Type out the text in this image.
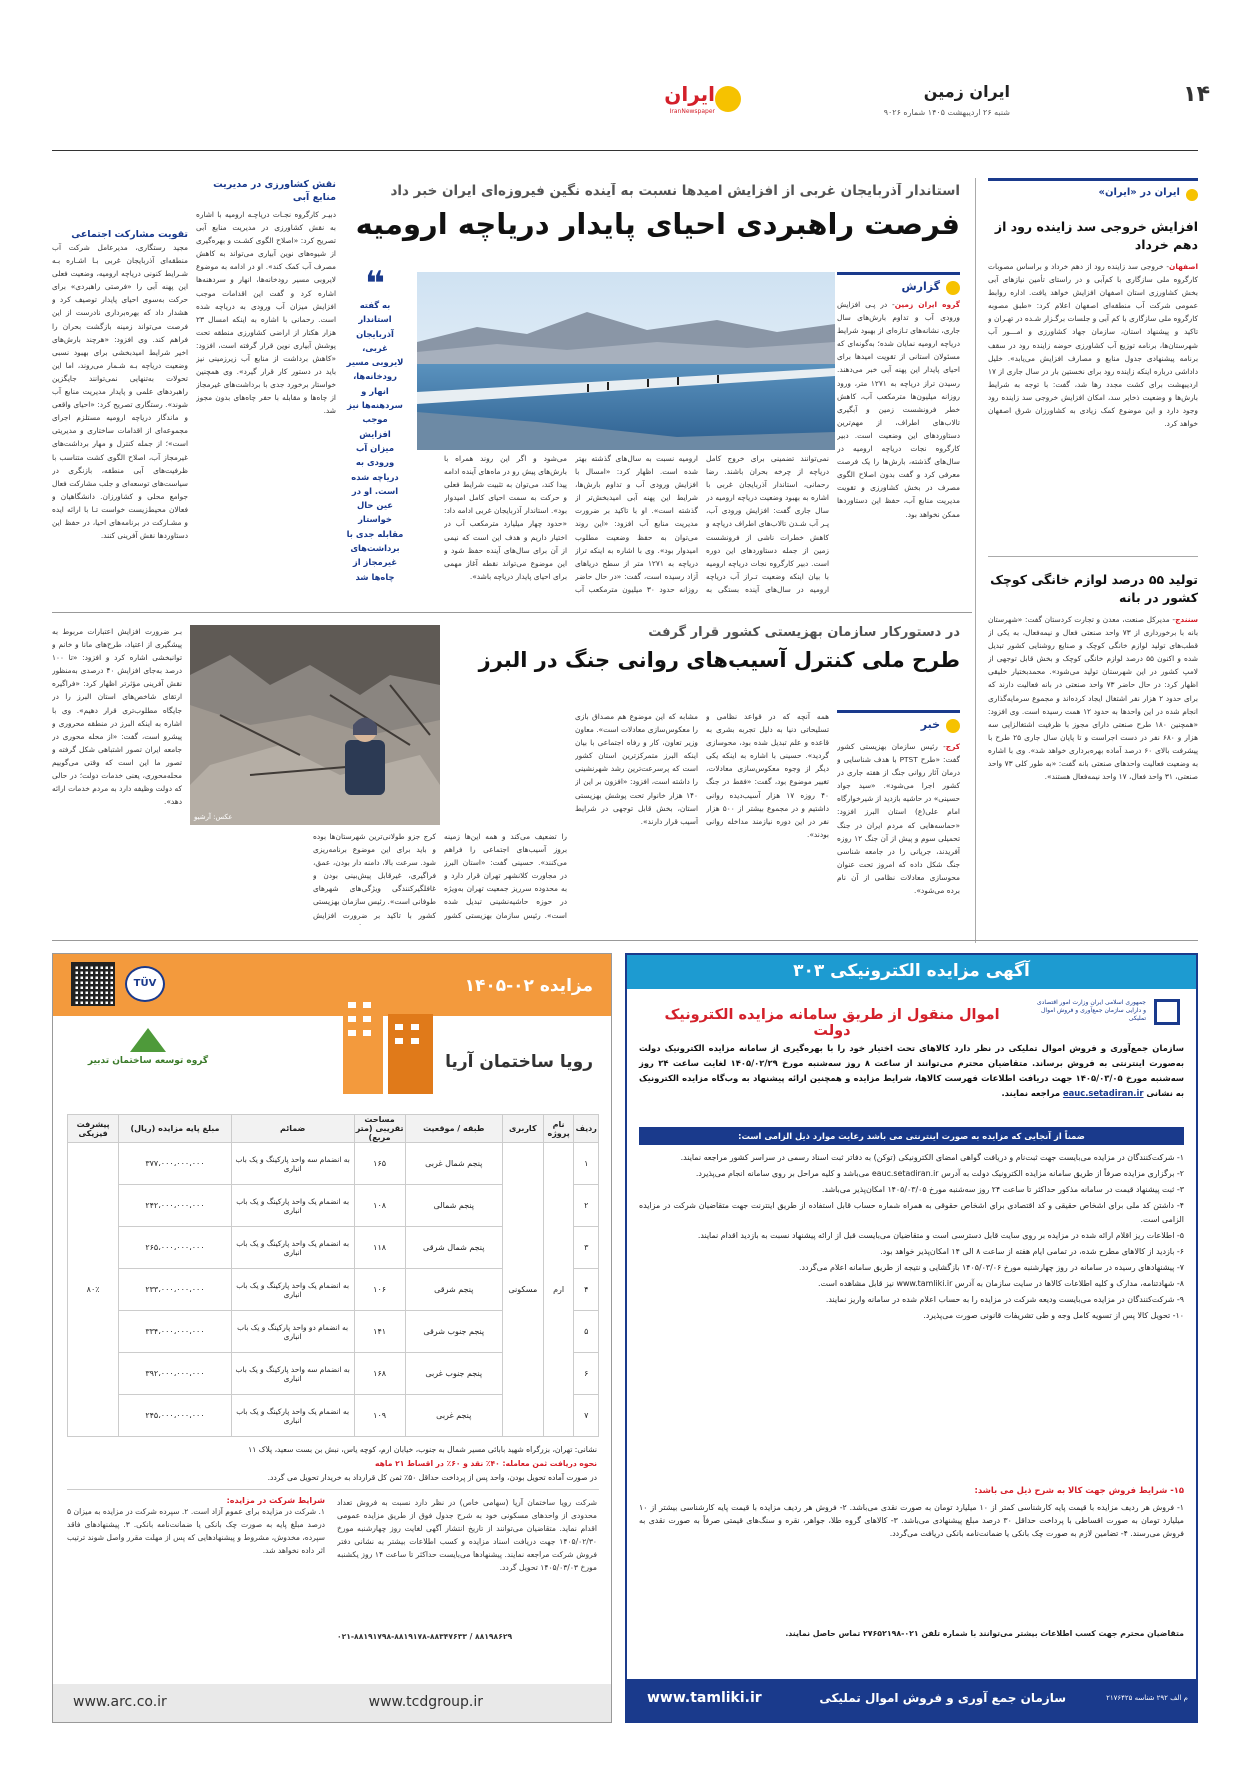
۱۴
ایران زمین
شنبه ۲۶ اردیبهشت ۱۴۰۵ شماره ۹۰۲۶
ایران
IranNewspaper
ایران در «ایران»
افزایش خروجی سد زاینده رود از دهم خرداد
اصفهان- خروجی سد زاینده رود از دهم خرداد و براساس مصوبات کارگروه ملی سازگاری با کم‌آبی و در راستای تأمین نیاز‌های آبی بخش کشاورزی استان اصفهان افزایش خواهد یافت. اداره روابط عمومی شرکت آب منطقه‌ای اصفهان اعلام کرد: «طبق مصوبه کارگروه ملی سازگاری با کم آبی و جلسات برگـزار شـده در تهـران و تاکید و پیشنهاد استان، سازمان جهاد کشاورزی و امـــور آب شهرستان‌ها، برنامه توزیع آب کشاورزی حوضه زاینده رود در سقف برنامه پیشنهادی جدول منابع و مصارف افزایش می‌یابد». خلیل داداشی درباره اینکه زاینده رود برای نخستین بار در سال جاری از ۱۷ اردیبهشت برای کشت مجدد رها شد، گفت: با توجه به شرایط بارش‌ها و وضعیت ذخایر سد، امکان افزایش خروجی سد زاینده رود وجود دارد و این موضوع کمک زیادی به کشاورزان شرق اصفهان خواهد کرد.
تولید ۵۵ درصد لوازم خانگی کوچک کشور در بانه
سنندج- مدیرکل صنعت، معدن و تجارت کردستان گفت: «شهرستان بانه با برخورداری از ۷۳ واحد صنعتی فعال و نیمه‌فعال، به یکی از قطب‌های تولید لوازم خانگی کوچک و صنایع روشنایی کشور تبدیل شده و اکنون ۵۵ درصد لوازم خانگی کوچک و بخش قابل توجهی از لامپ کشور در این شهرستان تولید می‌شود». محمدبختیار خلیقی اظهار کرد: در حال حاضر ۷۳ واحد صنعتی در بانه فعالیت دارند که برای حدود ۲ هزار نفر اشتغال ایجاد کرده‌اند و مجموع سرمایه‌گذاری انجام شده در این واحدها به حدود ۱۲ همت رسیده است. وی افزود: «همچنین ۱۸۰ طرح صنعتی دارای مجوز با ظرفیت اشتغالزایی سه هزار و ۶۸۰ نفر در دست اجراست و تا پایان سال جاری ۲۵ طرح با پیشرفت بالای ۶۰ درصد آماده بهره‌برداری خواهد شد». وی با اشاره به وضعیت فعالیت واحدهای صنعتی بانه گفت: «به طور کلی ۷۳ واحد صنعتی، ۳۱ واحد فعال، ۱۷ واحد نیمه‌فعال هستند».
استاندار آذربایجان غربی از افزایش امیدها نسبت به آینده نگین فیروزه‌ای ایران خبر داد
فرصت راهبردی احیای پایدار دریاچه ارومیه
گزارش
گروه ایران زمین- در پـی افزایش ورودی آب و تداوم بارش‌های سال جاری، نشانه‌های تـازه‌ای از بهبود شرایط دریاچه ارومیه نمایان شده؛ به‌گونه‌ای که مسئولان استانی از تقویت امیدها برای احیای پایدار این پهنه آبی خبر می‌دهند. رسیدن تراز دریاچه به ۱۲۷۱ متر، ورود روزانه میلیون‌ها مترمکعب آب، کاهش خطر فرونشست زمین و آبگیری تالاب‌های اطراف، از مهم‌ترین دستاوردهای این وضعیت است. دبیر کارگروه نجات دریاچه ارومیه در سال‌های گذشته، بارش‌ها را یک فرصت معرفی کرد و گفت بدون اصلاح الگوی مصرف در بخش کشاورزی و تقویت مدیریت منابع آب، حفظ این دستاوردها ممکن نخواهد بود.
نمی‌توانند تضمینی برای خروج کامل دریاچه از چرخه بحران باشند. رضا رحمانی، استاندار آذربایجان غربی با اشاره به بهبود وضعیت دریاچه ارومیه در سال جاری گفت: افزایش ورودی آب، پـر آب شـدن تالاب‌های اطراف دریاچه و کاهش خطرات ناشی از فرونشست زمین از جمله دستاوردهای این دوره است. دبیر کارگروه نجات دریاچه ارومیه با بیان اینکه وضعیت تـراز آب دریاچه ارومیه در سال‌های آینده بستگی به
ارومیه نسبت به سال‌های گذشته بهتر شده است. اظهار کرد: «امسال با افزایش ورودی آب و تداوم بارش‌ها، شرایط این پهنه آبی امیدبخش‌تر از گذشته است». او با تاکید بر ضرورت مدیریت منابع آب افزود: «این روند می‌توان به حفظ وضعیت مطلوب امیدوار بود». وی با اشاره به اینکه تراز دریاچه به ۱۲۷۱ متر از سطح دریاهای آزاد رسیده است، گفت: «در حال حاضر روزانه حدود ۳۰ میلیون مترمکعب آب
می‌شود و اگر این روند همراه با بارش‌های پیش رو در ماه‌های آینده ادامه پیدا کند، می‌توان به تثبیت شرایط فعلی و حرکت به سمت احیای کامل امیدوار بود». استاندار آذربایجان غربی ادامه داد: «حدود چهار میلیارد مترمکعب آب در اختیار داریم و هدف این است که نیمی از آن برای سال‌های آینده حفظ شود و این موضوع می‌تواند نقطه آغاز مهمی برای احیای پایدار دریاچه باشد».
❝
به گفته استاندار آذربایجان غربی، لایروبی مسیر رودخانه‌ها، انهار و سردهنه‌ها نیز موجب افزایش میزان آب ورودی به دریاچه شده است. او در عین حال خواستار مقابله جدی با برداشت‌های غیرمجاز از چاه‌ها شد
نقش کشاورزی در مدیریت منابع آبی
دبیـر کارگروه نجـات دریاچـه ارومیه با اشاره به نقش کشاورزی در مدیریت منابع آبی تصریح کرد: «اصلاح الگوی کشـت و بهره‌گیری از شیوه‌های نوین آبیاری می‌تواند به کاهش مصرف آب کمک کند». او در ادامه به موضوع لایروبی مسیر رودخانه‌ها، انهار و سردهنه‌ها اشاره کرد و گفت این اقدامات موجب افزایش میزان آب ورودی به دریاچه شده است. رحمانی با اشاره به اینکه امسال ۲۳ هزار هکتار از اراضی کشاورزی منطقه تحت پوشش آبیاری نوین قرار گرفته است، افزود: «کاهش برداشت از منابع آب زیرزمینی نیز باید در دستور کار قرار گیرد». وی همچنین خواستار برخورد جدی با برداشت‌های غیرمجاز از چاه‌ها و مقابله با حفر چاه‌های بدون مجوز شد.
تقویت مشارکت اجتماعی
مجید رستگاری، مدیرعامل شرکت آب منطقه‌ای آذربایجان غربی بـا اشـاره بـه شـرایط کنونی دریاچه ارومیه، وضعیت فعلی این پهنه آبی را «فرصتی راهبردی» برای حرکت به‌سوی احیای پایدار توصیف کرد و هشدار داد که بهره‌برداری نادرست از این فرصت می‌تواند زمینه بازگشت بحران را فراهم کند. وی افزود: «هرچند بارش‌های اخیر شرایط امیدبخشی برای بهبود نسبی وضعیت دریاچه بـه شـمار می‌روند، اما این تحولات به‌تنهایی نمی‌توانند جایگزین راهبردهای علمی و پایدار مدیریت منابع آب شوند». رستگاری تصریح کرد: «احیای واقعی و ماندگار دریاچه ارومیه مستلزم اجرای مجموعه‌ای از اقدامات ساختاری و مدیریتی است»؛ از جمله کنترل و مهار برداشت‌های غیرمجاز آب، اصلاح الگوی کشت متناسب با ظرفیت‌های آبی منطقه، بازنگری در سیاست‌های توسعه‌ای و جلب مشارکت فعال جوامع محلی و کشاورزان. دانشگاهیان و فعالان محیط‌زیست خواست تـا با ارائه ایده و مشـارکت در برنامه‌های احیا، در حفظ این دستاوردها نقش آفرینی کنند.
در دستورکار سازمان بهزیستی کشور قرار گرفت
طرح ملی کنترل آسیب‌های روانی جنگ در البرز
خبر
کرج- رئیس سازمان بهزیستی کشور گفت: «طرح PTST با هدف شناسایی و درمان آثار روانی جنگ از هفته جاری در کشور اجرا می‌شود». «سید جواد حسینی» در حاشیه بازدید از شیرخوارگاه امام علی(ع) استان البرز افزود: «حماسه‌هایی که مردم ایران در جنگ تحمیلی سوم و پیش از آن جنگ ۱۲ روزه آفریدند، جریانی را در جامعه شناسی جنگ شکل داده که امروز تحت عنوان محوسازی معادلات نظامی از آن نام برده می‌شود».
همه آنچه که در قواعد نظامی و تسلیحاتی دنیا به دلیل تجربه بشری به قاعده و علم تبدیل شده بود، محوسازی گردید». حسینی با اشاره به اینکه یکی دیگر از وجوه معکوس‌سازی معادلات، تغییر موضوع بود، گفت: «فقط در جنگ ۴۰ روزه ۱۷ هزار آسیب‌دیده روانی داشتیم و در مجموع بیشتر از ۵۰۰ هزار نفر در این دوره نیازمند مداخله روانی بودند».
مشابه که این موضوع هم مصداق بازی را معکوس‌سازی معادلات است». معاون وزیر تعاون، کار و رفاه اجتماعی با بیان اینکه البرز متمرکز‌ترین استان کشور است که پرسرعت‌ترین رشد شهرنشینی را داشته است، افزود: «افزون بر این از ۱۴۰ هزار خانوار تحت پوشش بهزیستی استان، بخش قابل توجهی در شرایط آسیب قرار دارند».
را تضعیف می‌کند و همه این‌ها زمینه بروز آسیب‌های اجتماعی را فراهم می‌کنند». حسینی گفت: «استان البرز در مجاورت کلانشهر تهران قرار دارد و به محدوده سرریز جمعیت تهران به‌ویژه در حوزه حاشیه‌نشینی تبدیل شده است». رئیس سازمان بهزیستی کشور
کرج جزو طولانی‌ترین شهرستان‌ها بوده و باید برای این موضوع برنامه‌ریزی شود. سرعت بالا، دامنه دار بودن، عمق، فراگیری، غیرقابل پیش‌بینی بودن و غافلگیرکنندگی ویژگی‌های شهرهای طوفانی است». رئیس سازمان بهزیستی کشور با تاکید بر ضرورت افزایش
بـر ضرورت افزایش اعتبارات مربوط به پیشگیری از اعتیاد، طرح‌های مانا و خانم و توانبخشی اشاره کرد و افزود: «تا ۱۰۰ درصد به‌جای افزایش ۴۰ درصدی به‌منظور نقش آفرینی مؤثرتر اظهار کرد: «فراگیره ارتقای شاخص‌های استان البرز را در جایگاه مطلوب‌تری قرار دهیم». وی با اشاره به اینکه البرز در منطقه محروری و پیشرو است، گفت: «از محله محوری در جامعه ایران تصور اشتباهی شکل گرفته و تصور ما این است که وقتی می‌گوییم محله‌محوری، یعنی خدمات دولت؛ در حالی که دولت وظیفه دارد به مردم خدمات ارائه دهد».
عکس: آرشیو
مزایده ۰۲-۱۴۰۵
TÜV
گروه توسعه ساختمان تدبیر	رویا ساختمان آریا
ردیف	نام پروژه	کاربری	طبقه / موقعیت	مساحت تقریبی (متر مربع)	ضمائم	مبلغ پایه مزایده (ریال)	پیشرفت فیزیکی
۱	ارم	مسکونی	پنجم شمال غربی	۱۶۵	به انضمام سه واحد پارکینگ و یک باب انباری	۳۷۷،۰۰۰،۰۰۰،۰۰۰	۸۰٪
۲			پنجم شمالی	۱۰۸	به انضمام یک واحد پارکینگ و یک باب انباری	۲۴۲،۰۰۰،۰۰۰،۰۰۰	
۳			پنجم شمال شرقی	۱۱۸	به انضمام یک واحد پارکینگ و یک باب انباری	۲۶۵،۰۰۰،۰۰۰،۰۰۰	
۴			پنجم شرقی	۱۰۶	به انضمام یک واحد پارکینگ و یک باب انباری	۲۳۳،۰۰۰،۰۰۰،۰۰۰	
۵			پنجم جنوب شرقی	۱۴۱	به انضمام دو واحد پارکینگ و یک باب انباری	۳۳۴،۰۰۰،۰۰۰،۰۰۰	
۶			پنجم جنوب غربی	۱۶۸	به انضمام سه واحد پارکینگ و یک باب انباری	۳۹۲،۰۰۰،۰۰۰،۰۰۰	
۷			پنجم غربی	۱۰۹	به انضمام یک واحد پارکینگ و یک باب انباری	۲۴۵،۰۰۰،۰۰۰،۰۰۰	
نشانی: تهران، بزرگراه شهید بابائی مسیر شمال به جنوب، خیابان ارم، کوچه یاس، نبش بن بست سعید، پلاک ۱۱
نحوه دریافت ثمن معامله: ۴۰٪ نقد و ۶۰٪ در اقساط ۲۱ ماهه
در صورت آماده تحویل بودن، واحد پس از پرداخت حداقل ۵۰٪ ثمن کل قرارداد به خریدار تحویل می گردد.
شرکت رویا ساختمان آریا (سهامی خاص) در نظر دارد نسبت به فروش تعداد محدودی از واحدهای مسکونی خود به شرح جدول فوق از طریق مزایده عمومی اقدام نماید. متقاضیان می‌توانند از تاریخ انتشار آگهی لغایت روز چهارشنبه مورخ ۱۴۰۵/۰۲/۳۰ جهت دریافت اسناد مزایده و کسب اطلاعات بیشتر به نشانی دفتر فروش شرکت مراجعه نمایند. پیشنهادها می‌بایست حداکثر تا ساعت ۱۴ روز یکشنبه مورخ ۱۴۰۵/۰۳/۰۳ تحویل گردد.
۰۲۱-۸۸۱۹۱۷۹۸-۸۸۱۹۱۷۸-۸۸۳۴۷۶۳۳ / ۸۸۱۹۸۶۲۹
شرایط شرکت در مزایده:
۱. شرکت در مزایده برای عموم آزاد است. ۲. سپرده شرکت در مزایده به میزان ۵ درصد مبلغ پایه به صورت چک بانکی یا ضمانت‌نامه بانکی. ۳. پیشنهادهای فاقد سپرده، مخدوش، مشروط و پیشنهادهایی که پس از مهلت مقرر واصل شوند ترتیب اثر داده نخواهد شد.
www.tcdgroup.ir
www.arc.co.ir
آگهی مزایده الکترونیکی ۳۰۳
جمهوری اسلامی ایران وزارت امور اقتصادی و دارایی سازمان جمع‌آوری و فروش اموال تملیکی
اموال منقول از طریق سامانه مزایده الکترونیک دولت
سازمان جمع‌آوری و فروش اموال تملیکی در نظر دارد کالاهای تحت اختیار خود را با بهره‌گیری از سامانه مزایده الکترونیک دولت به‌صورت اینترنتی به فروش برساند. متقاضیان محترم می‌توانند از ساعت ۸ روز سه‌شنبه مورخ ۱۴۰۵/۰۲/۲۹ لغایت ساعت ۲۴ روز سه‌شنبه مورخ ۱۴۰۵/۰۳/۰۵ جهت دریافت اطلاعات فهرست کالاها، شرایط مزایده و همچنین ارائه پیشنهاد به وب‌گاه مزایده الکترونیک به نشانی eauc.setadiran.ir مراجعه نمایند.
ضمناً از آنجایی که مزایده به صورت اینترنتی می باشد رعایت موارد ذیل الزامی است:
۱- شرکت‌کنندگان در مزایده می‌بایست جهت ثبت‌نام و دریافت گواهی امضای الکترونیکی (توکن) به دفاتر ثبت اسناد رسمی در سراسر کشور مراجعه نمایند.
۲- برگزاری مزایده صرفاً از طریق سامانه مزایده الکترونیک دولت به آدرس eauc.setadiran.ir می‌باشد و کلیه مراحل بر روی سامانه انجام می‌پذیرد.
۳- ثبت پیشنهاد قیمت در سامانه مذکور حداکثر تا ساعت ۲۴ روز سه‌شنبه مورخ ۱۴۰۵/۰۳/۰۵ امکان‌پذیر می‌باشد.
۴- داشتن کد ملی برای اشخاص حقیقی و کد اقتصادی برای اشخاص حقوقی به همراه شماره حساب قابل استفاده از طریق اینترنت جهت متقاضیان شرکت در مزایده الزامی است.
۵- اطلاعات ریز اقلام ارائه شده در مزایده بر روی سایت قابل دسترسی است و متقاضیان می‌بایست قبل از ارائه پیشنهاد نسبت به بازدید اقدام نمایند.
۶- بازدید از کالاهای مطرح شده، در تمامی ایام هفته از ساعت ۸ الی ۱۴ امکان‌پذیر خواهد بود.
۷- پیشنهادهای رسیده در سامانه در روز چهارشنبه مورخ ۱۴۰۵/۰۳/۰۶ بازگشایی و نتیجه از طریق سامانه اعلام می‌گردد.
۸- شهادتنامه، مدارک و کلیه اطلاعات کالاها در سایت سازمان به آدرس www.tamliki.ir نیز قابل مشاهده است.
۹- شرکت‌کنندگان در مزایده می‌بایست ودیعه شرکت در مزایده را به حساب اعلام شده در سامانه واریز نمایند.
۱۰- تحویل کالا پس از تسویه کامل وجه و طی تشریفات قانونی صورت می‌پذیرد.
۱۵- شرایط فروش جهت کالا به شرح ذیل می باشد:
۱- فروش هر ردیف مزایده با قیمت پایه کارشناسی کمتر از ۱۰ میلیارد تومان به صورت نقدی می‌باشد. ۲- فروش هر ردیف مزایده با قیمت پایه کارشناسی بیشتر از ۱۰ میلیارد تومان به صورت اقساطی با پرداخت حداقل ۳۰ درصد مبلغ پیشنهادی می‌باشد. ۳- کالاهای گروه طلا، جواهر، نقره و سنگ‌های قیمتی صرفاً به صورت نقدی به فروش می‌رسند. ۴- تضامین لازم به صورت چک بانکی یا ضمانت‌نامه بانکی دریافت می‌گردد.
متقاضیان محترم جهت کسب اطلاعات بیشتر می‌توانند با شماره تلفن ۰۲۱-۲۷۶۵۲۱۹۸ تماس حاصل نمایند.
سازمان جمع آوری و فروش اموال تملیکی
www.tamliki.ir	م الف ۲۹۲ شناسه ۲۱۷۶۴۲۵
